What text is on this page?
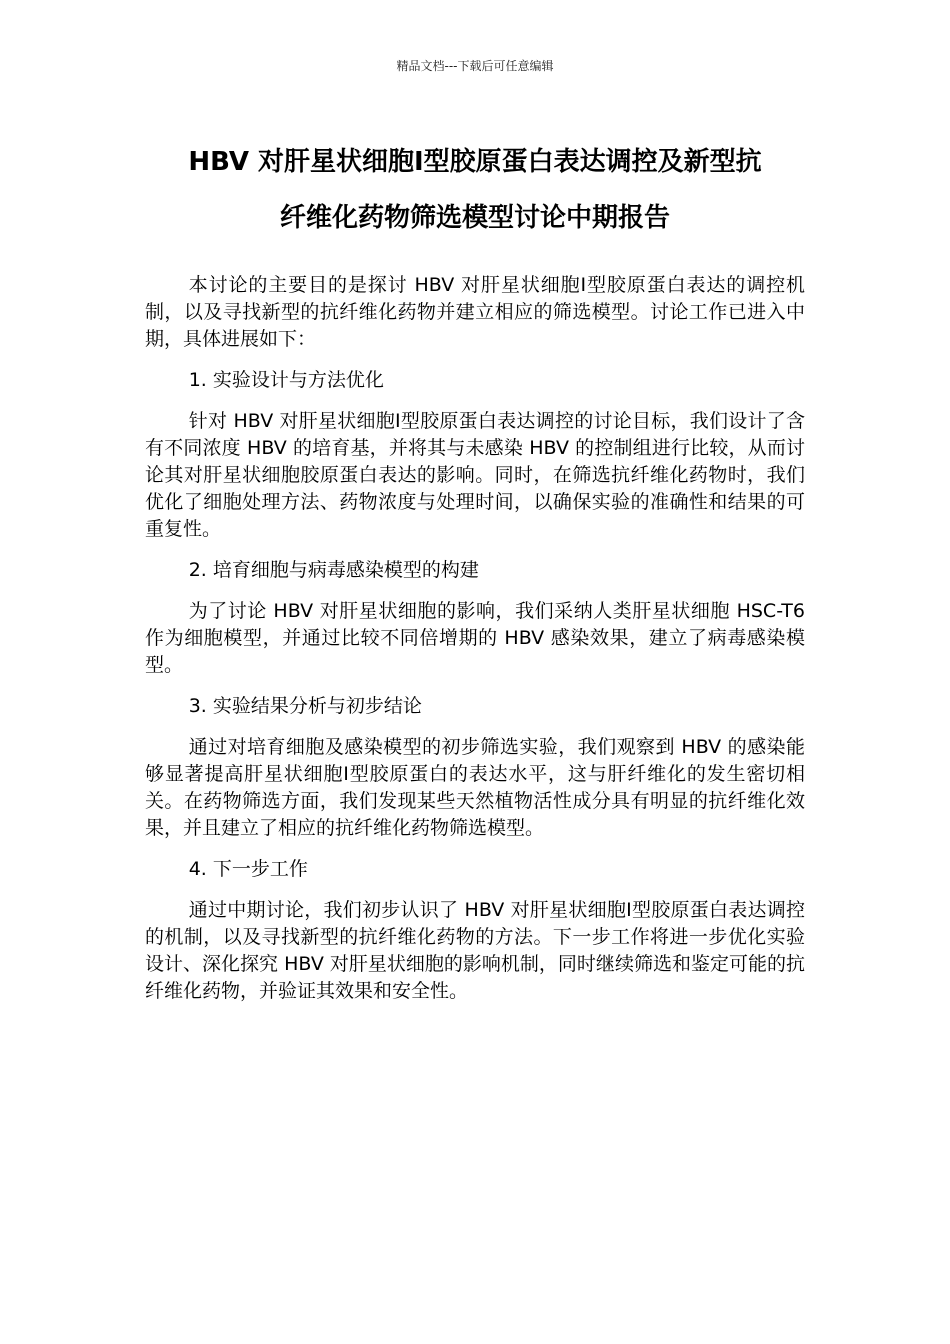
精品文档---下载后可任意编辑
HBV 对肝星状细胞Ⅰ型胶原蛋白表达调控及新型抗
纤维化药物筛选模型讨论中期报告

本讨论的主要目的是探讨 HBV 对肝星状细胞Ⅰ型胶原蛋白表达的调控机制，以及寻找新型的抗纤维化药物并建立相应的筛选模型。讨论工作已进入中期，具体进展如下：

1. 实验设计与方法优化

针对 HBV 对肝星状细胞Ⅰ型胶原蛋白表达调控的讨论目标，我们设计了含有不同浓度 HBV 的培育基，并将其与未感染 HBV 的控制组进行比较，从而讨论其对肝星状细胞胶原蛋白表达的影响。同时，在筛选抗纤维化药物时，我们优化了细胞处理方法、药物浓度与处理时间，以确保实验的准确性和结果的可重复性。

2. 培育细胞与病毒感染模型的构建

为了讨论 HBV 对肝星状细胞的影响，我们采纳人类肝星状细胞 HSC-T6 作为细胞模型，并通过比较不同倍增期的 HBV 感染效果，建立了病毒感染模型。

3. 实验结果分析与初步结论

通过对培育细胞及感染模型的初步筛选实验，我们观察到 HBV 的感染能够显著提高肝星状细胞Ⅰ型胶原蛋白的表达水平，这与肝纤维化的发生密切相关。在药物筛选方面，我们发现某些天然植物活性成分具有明显的抗纤维化效果，并且建立了相应的抗纤维化药物筛选模型。

4. 下一步工作

通过中期讨论，我们初步认识了 HBV 对肝星状细胞Ⅰ型胶原蛋白表达调控的机制，以及寻找新型的抗纤维化药物的方法。下一步工作将进一步优化实验设计、深化探究 HBV 对肝星状细胞的影响机制，同时继续筛选和鉴定可能的抗纤维化药物，并验证其效果和安全性。
